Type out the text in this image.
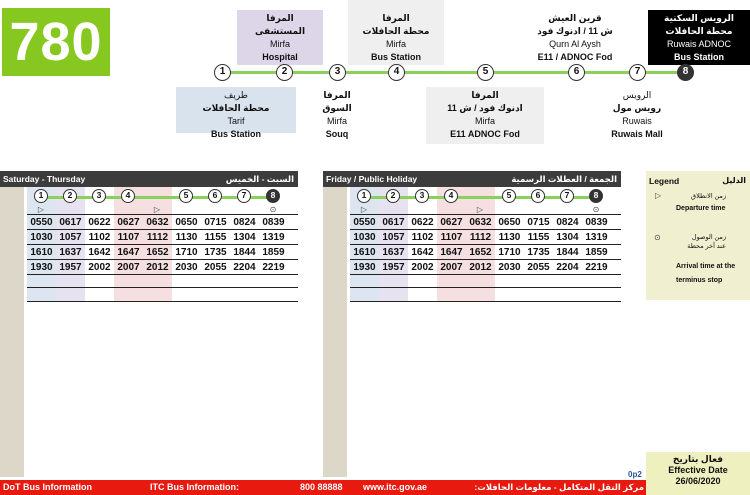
780	المرفا
المستشفى
Mirfa
Hospital
المرفا
محطة الحافلات
Mirfa
Bus Station
قرين العيش
ش 11 / ادنوك فود
Qurn Al Aysh
E11 / ADNOC Fod
الرويس السكنية
محطة الحافلات
Ruwais ADNOC
Bus Station
1	2	3	4	5	6	7	8
طريف
محطة الحافلات
Tarif
Bus Station
المرفا
السوق
Mirfa
Souq
المرفا
ادنوك فود / ش 11
Mirfa
E11 ADNOC Fod
الرويس
رويس مول
Ruwais
Ruwais Mall
Saturday - Thursday	السبت - الخميس
1	2	3	4	5	6	7	8
▷	▷	⊙
0550 0617 0622 0627 0632 0650 0715 0824 0839
1030 1057 1102 1107 1112 1130 1155 1304 1319
1610 1637 1642 1647 1652 1710 1735 1844 1859
1930 1957 2002 2007 2012 2030 2055 2204 2219
Friday / Public Holiday	الجمعة / العطلات الرسمية
1	2	3	4	5	6	7	8
▷	▷	⊙
0550 0617 0622 0627 0632 0650 0715 0824 0839
1030 1057 1102 1107 1112 1130 1155 1304 1319
1610 1637 1642 1647 1652 1710 1735 1844 1859
1930 1957 2002 2007 2012 2030 2055 2204 2219
Legend	الدليل
▷	زمن الانطلاق
Departure time
⊙	زمن الوصول
عند آخر محطة
Arrival time at the
terminus stop
0p2
فعال بتاريخ
Effective Date
26/06/2020
DoT Bus Information	ITC Bus Information:	800 88888 www.itc.gov.ae	مركز النقل المتكامل - معلومات الحافلات:
